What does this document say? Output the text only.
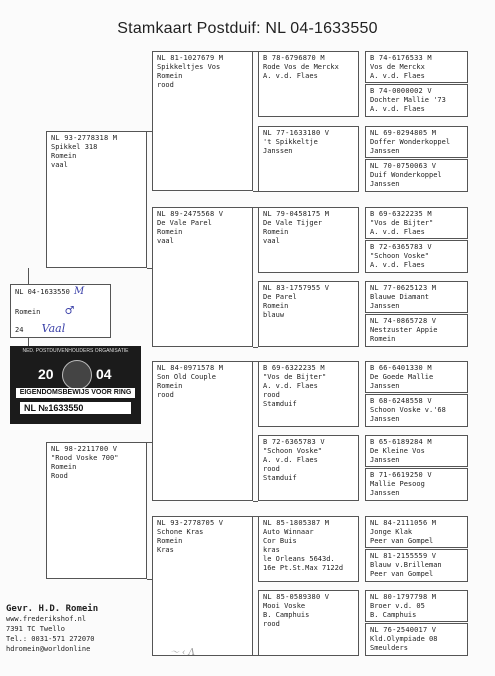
Stamkaart Postduif: NL 04-1633550
NL 93-2778318 M
Spikkel 318
Romein
vaal
NL 98-2211700 V
"Rood Voske 700"
Romein
Rood
NL 81-1027679 M
Spikkeltjes Vos
Romein
rood
NL 89-2475568 V
De Vale Parel
Romein
vaal
NL 84-0971578 M
Son Old Couple
Romein
rood
NL 93-2778705 V
Schone Kras
Romein
Kras
B 78-6796870 M
Rode Vos de Merckx
A. v.d. Flaes
NL 77-1633180 V
't Spikkeltje
Janssen
NL 79-0458175 M
De Vale Tijger
Romein
vaal
NL 83-1757955 V
De Parel
Romein
blauw
B 69-6322235 M
"Vos de Bijter"
A. v.d. Flaes
rood
Stamduif
B 72-6365783 V
"Schoon Voske"
A. v.d. Flaes
rood
Stamduif
NL 85-1805387 M
Auto Winnaar
Cor Buis
kras
le Orleans 5643d.
16e Pt.St.Max 7122d
NL 85-0589380 V
Mooi Voske
B. Camphuis
rood
B 74-6176533 M
Vos de Merckx
A. v.d. Flaes
B 74-0000002 V
Dochter Mallie '73
A. v.d. Flaes
NL 69-0294805 M
Doffer Wonderkoppel
Janssen
NL 70-0750063 V
Duif Wonderkoppel
Janssen
B 69-6322235 M
"Vos de Bijter"
A. v.d. Flaes
B 72-6365783 V
"Schoon Voske"
A. v.d. Flaes
NL 77-0625123 M
Blauwe Diamant
Janssen
NL 74-0865728 V
Nestzuster Appie
Romein
B 66-6401330 M
De Goede Mallie
Janssen
B 68-6248558 V
Schoon Voske v.'68
Janssen
B 65-6189284 M
De Kleine Vos
Janssen
B 71-6619250 V
Mallie Pesoog
Janssen
NL 84-2111056 M
Jonge Klak
Peer van Gompel
NL 81-2155559 V
Blauw v.Brilleman
Peer van Gompel
NL 80-1797798 M
Broer v.d. 05
B. Camphuis
NL 76-2540017 V
Kld.Olympiade 08
Smeulders
NL 04-1633550 M
Romein ♂
24 Vaal
NED. POSTDUIVENHOUDERS ORGANISATIE
20	04
EIGENDOMSBEWIJS VOOR RING
NL №1633550
Gevr. H.D. Romein
www.frederikshof.nl
7391 TC Twello
Tel.: 0031-571 272070
hdromein@worldonline	〜 ‹ Λ
